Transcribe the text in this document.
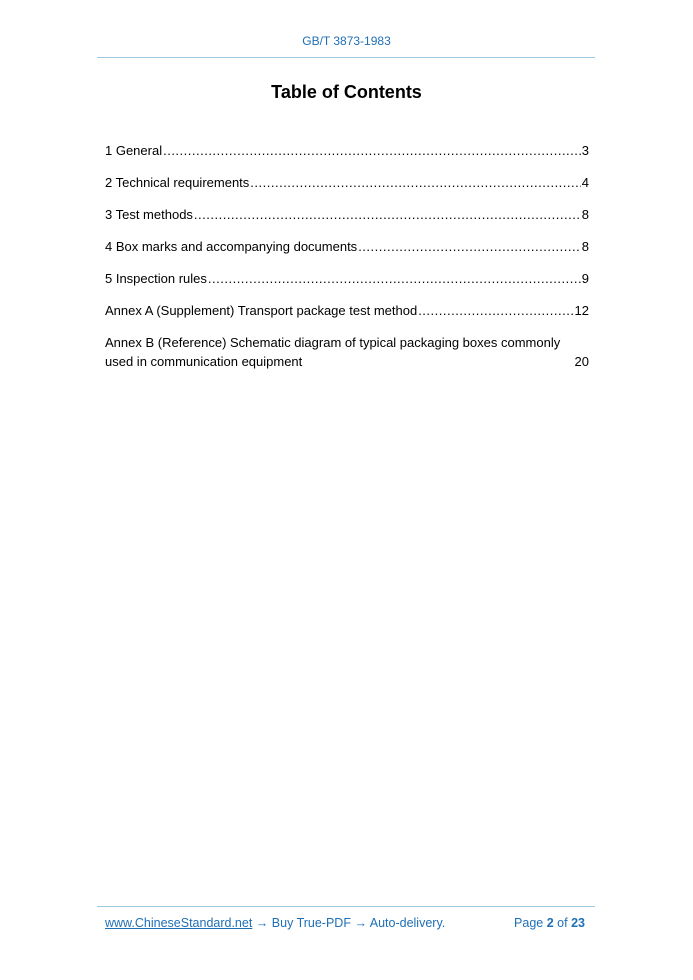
GB/T 3873-1983
Table of Contents
1 General .....	3
2 Technical requirements .....	4
3 Test methods .....	8
4 Box marks and accompanying documents .....	8
5 Inspection rules .....	9
Annex A (Supplement) Transport package test method .....	12
Annex B (Reference) Schematic diagram of typical packaging boxes commonly
used in communication equipment	20
www.ChineseStandard.net → Buy True-PDF → Auto-delivery.	Page 2 of 23
